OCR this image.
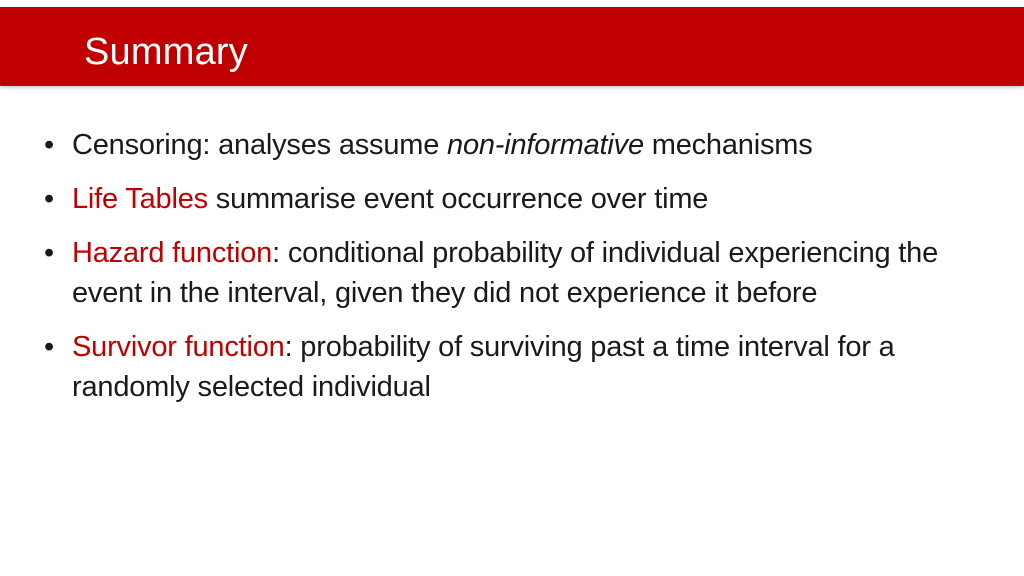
Summary
• Censoring: analyses assume non-informative mechanisms
• Life Tables summarise event occurrence over time
• Hazard function: conditional probability of individual experiencing the event in the interval, given they did not experience it before
• Survivor function: probability of surviving past a time interval for a randomly selected individual
